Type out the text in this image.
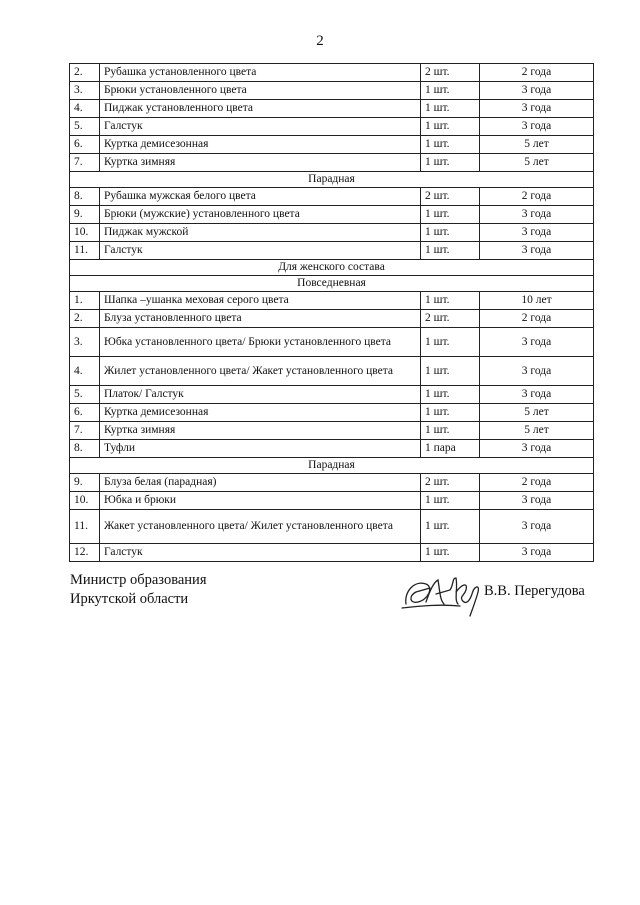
2
2.	Рубашка установленного цвета	2 шт.	2 года
3.	Брюки установленного цвета	1 шт.	3 года
4.	Пиджак установленного цвета	1 шт.	3 года
5.	Галстук	1 шт.	3 года
6.	Куртка демисезонная	1 шт.	5 лет
7.	Куртка зимняя	1 шт.	5 лет
Парадная			
8.	Рубашка мужская белого цвета	2 шт.	2 года
9.	Брюки (мужские) установленного цвета	1 шт.	3 года
10.	Пиджак мужской	1 шт.	3 года
11.	Галстук	1 шт.	3 года
Для женского состава			
Повседневная			
1.	Шапка –ушанка меховая серого цвета	1 шт.	10 лет
2.	Блуза установленного цвета	2 шт.	2 года
3.	Юбка установленного цвета/ Брюки установленного цвета	1 шт.	3 года
4.	Жилет установленного цвета/ Жакет установленного цвета	1 шт.	3 года
5.	Платок/ Галстук	1 шт.	3 года
6.	Куртка демисезонная	1 шт.	5 лет
7.	Куртка зимняя	1 шт.	5 лет
8.	Туфли	1 пара	3 года
Парадная			
9.	Блуза белая (парадная)	2 шт.	2 года
10.	Юбка и брюки	1 шт.	3 года
11.	Жакет установленного цвета/ Жилет установленного цвета	1 шт.	3 года
12.	Галстук	1 шт.	3 года
Министр образования
Иркутской области	В.В. Перегудова
